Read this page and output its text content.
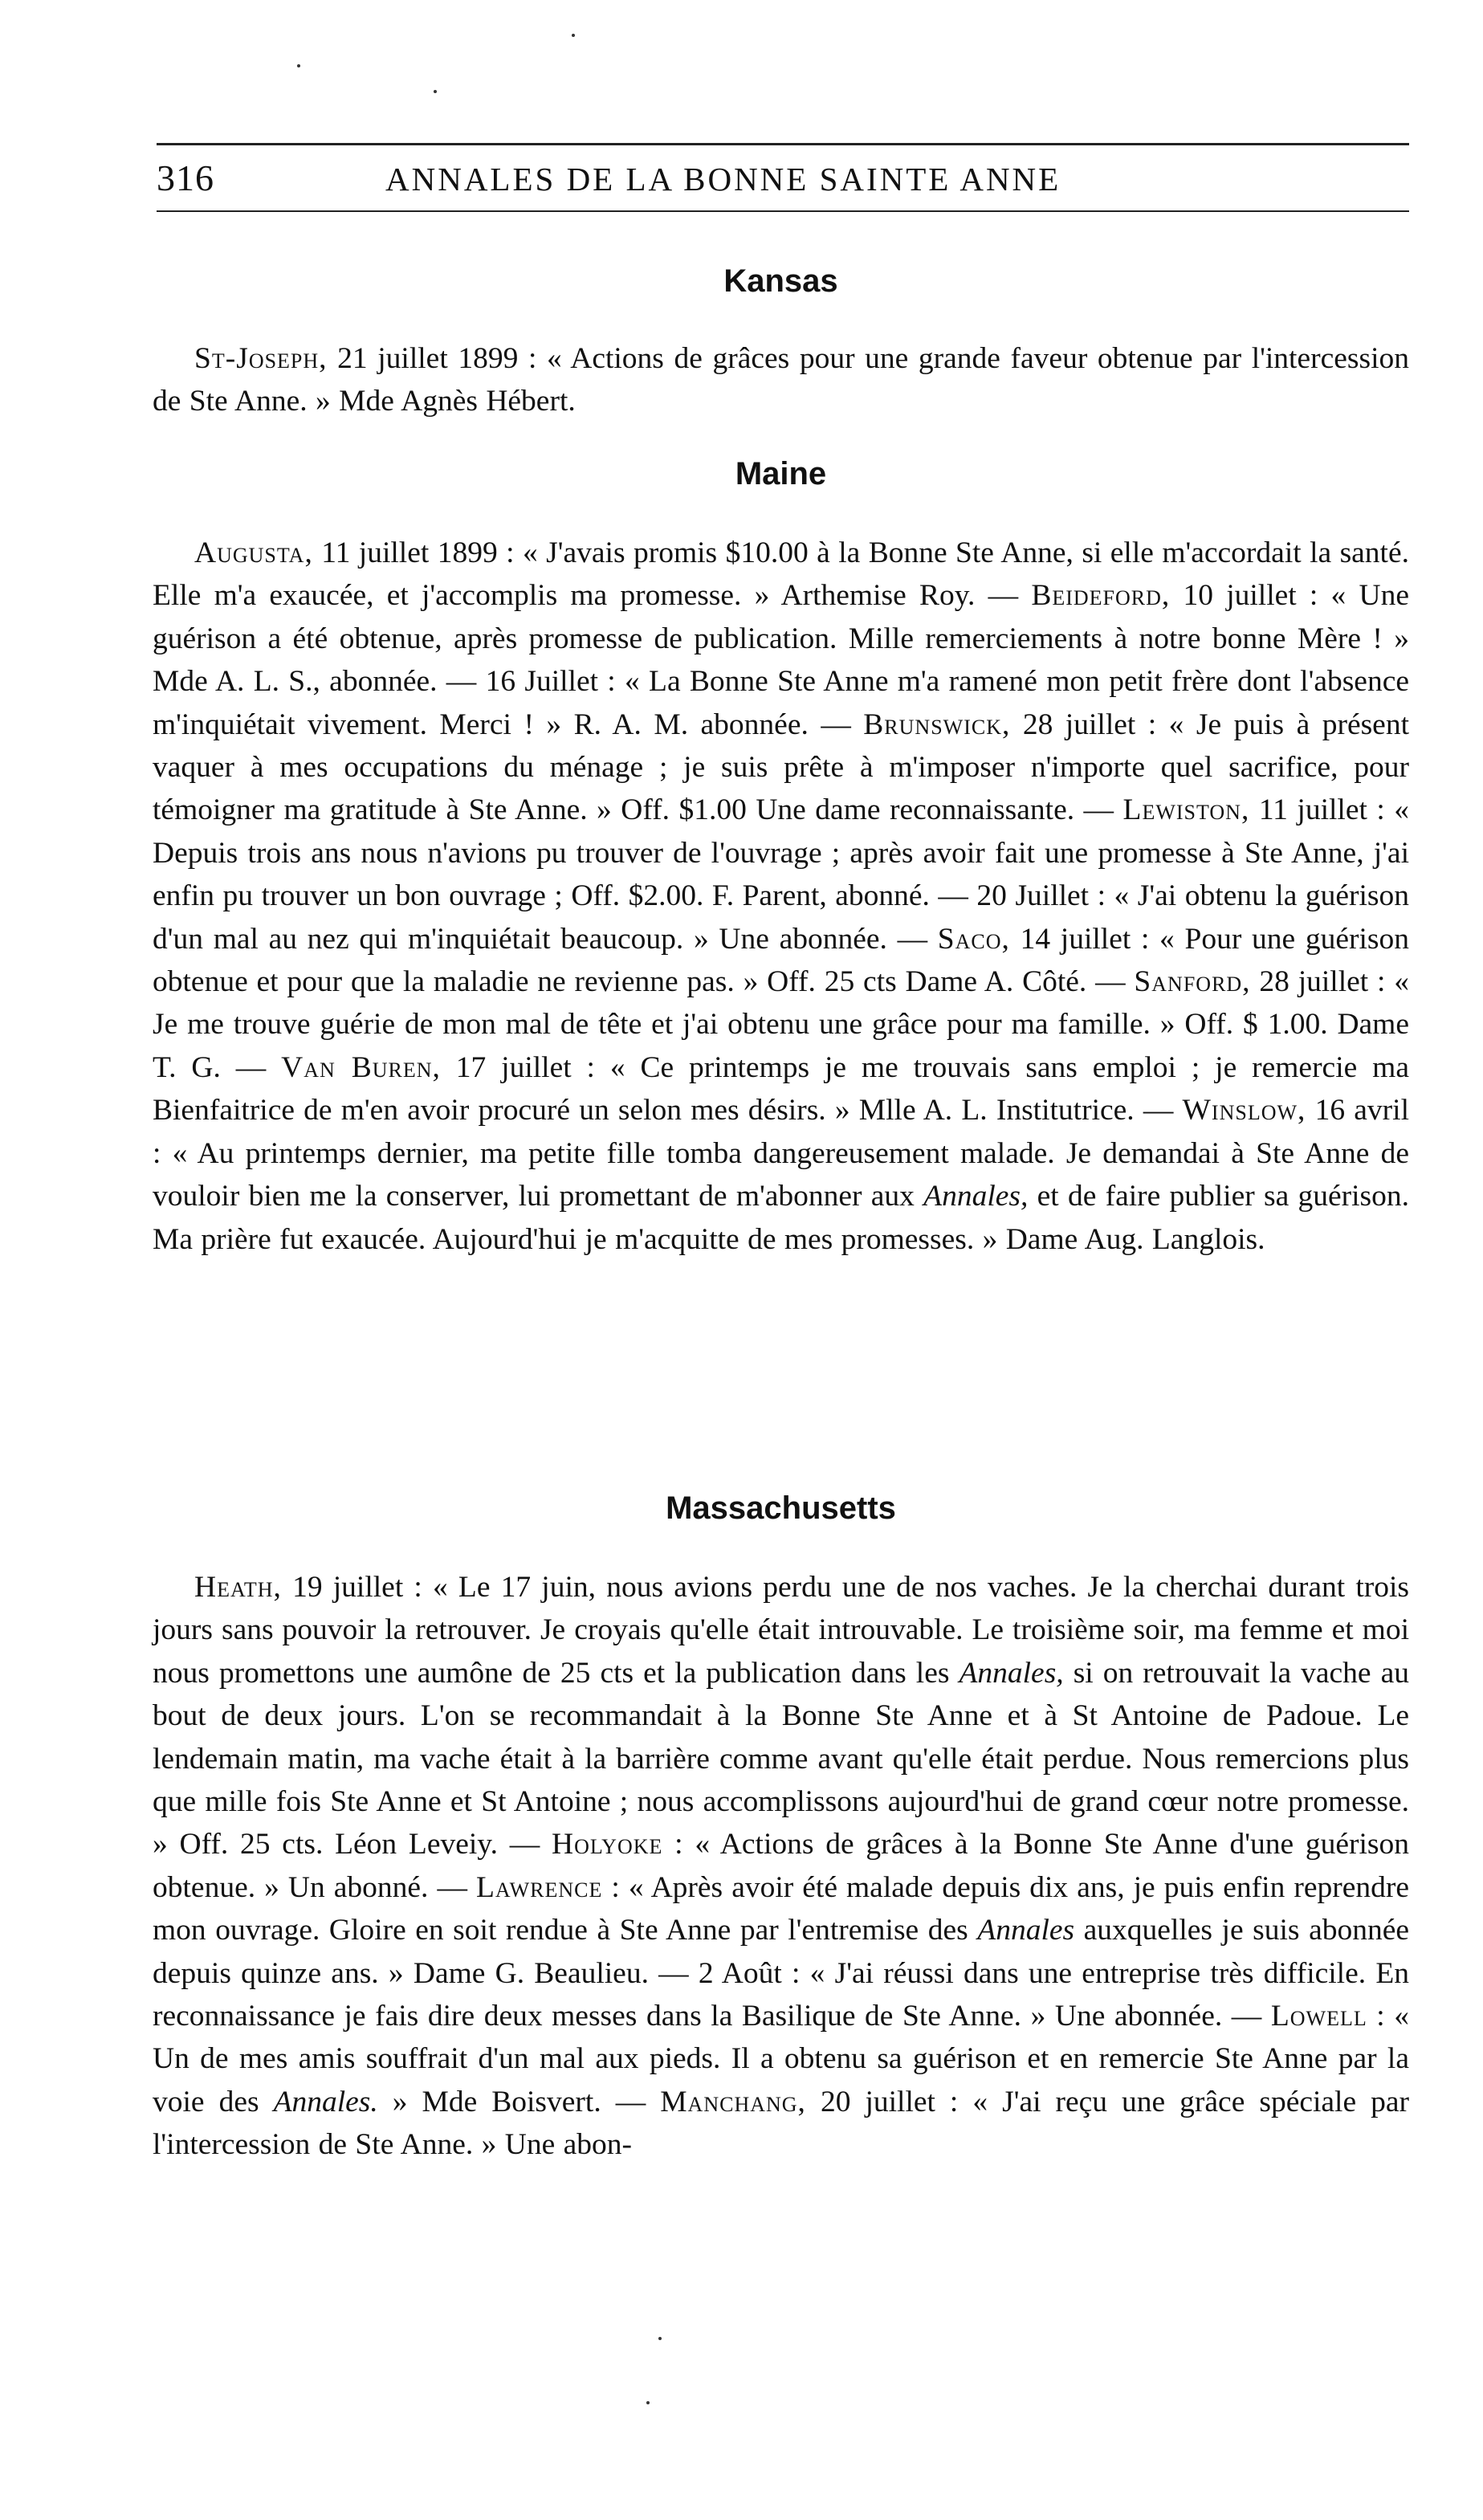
316	ANNALES DE LA BONNE SAINTE ANNE
Kansas

St-Joseph, 21 juillet 1899 : « Actions de grâces pour une grande faveur obtenue par l'intercession de Ste Anne. » Mde Agnès Hébert.

Maine

Augusta, 11 juillet 1899 : « J'avais promis $10.00 à la Bonne Ste Anne, si elle m'accordait la santé. Elle m'a exaucée, et j'accomplis ma promesse. » Arthemise Roy. — Beideford, 10 juillet : « Une guérison a été obtenue, après promesse de publication. Mille remerciements à notre bonne Mère ! » Mde A. L. S., abonnée. — 16 Juillet : « La Bonne Ste Anne m'a ramené mon petit frère dont l'absence m'inquiétait vivement. Merci ! » R. A. M. abonnée. — Brunswick, 28 juillet : « Je puis à présent vaquer à mes occupations du ménage ; je suis prête à m'imposer n'importe quel sacrifice, pour témoigner ma gratitude à Ste Anne. » Off. $1.00 Une dame reconnaissante. — Lewiston, 11 juillet : « Depuis trois ans nous n'avions pu trouver de l'ouvrage ; après avoir fait une promesse à Ste Anne, j'ai enfin pu trouver un bon ouvrage ; Off. $2.00. F. Parent, abonné. — 20 Juillet : « J'ai obtenu la guérison d'un mal au nez qui m'inquiétait beaucoup. » Une abonnée. — Saco, 14 juillet : « Pour une guérison obtenue et pour que la maladie ne revienne pas. » Off. 25 cts Dame A. Côté. — Sanford, 28 juillet : « Je me trouve guérie de mon mal de tête et j'ai obtenu une grâce pour ma famille. » Off. $ 1.00. Dame T. G. — Van Buren, 17 juillet : « Ce printemps je me trouvais sans emploi ; je remercie ma Bienfaitrice de m'en avoir procuré un selon mes désirs. » Mlle A. L. Institutrice. — Winslow, 16 avril : « Au printemps dernier, ma petite fille tomba dangereusement malade. Je demandai à Ste Anne de vouloir bien me la conserver, lui promettant de m'abonner aux Annales, et de faire publier sa guérison. Ma prière fut exaucée. Aujourd'hui je m'acquitte de mes promesses. » Dame Aug. Langlois.

Massachusetts

Heath, 19 juillet : « Le 17 juin, nous avions perdu une de nos vaches. Je la cherchai durant trois jours sans pouvoir la retrouver. Je croyais qu'elle était introuvable. Le troisième soir, ma femme et moi nous promettons une aumône de 25 cts et la publication dans les Annales, si on retrouvait la vache au bout de deux jours. L'on se recommandait à la Bonne Ste Anne et à St Antoine de Padoue. Le lendemain matin, ma vache était à la barrière comme avant qu'elle était perdue. Nous remercions plus que mille fois Ste Anne et St Antoine ; nous accomplissons aujourd'hui de grand cœur notre promesse. » Off. 25 cts. Léon Leveiy. — Holyoke : « Actions de grâces à la Bonne Ste Anne d'une guérison obtenue. » Un abonné. — Lawrence : « Après avoir été malade depuis dix ans, je puis enfin reprendre mon ouvrage. Gloire en soit rendue à Ste Anne par l'entremise des Annales auxquelles je suis abonnée depuis quinze ans. » Dame G. Beaulieu. — 2 Août : « J'ai réussi dans une entreprise très difficile. En reconnaissance je fais dire deux messes dans la Basilique de Ste Anne. » Une abonnée. — Lowell : « Un de mes amis souffrait d'un mal aux pieds. Il a obtenu sa guérison et en remercie Ste Anne par la voie des Annales. » Mde Boisvert. — Manchang, 20 juillet : « J'ai reçu une grâce spéciale par l'intercession de Ste Anne. » Une abon-
